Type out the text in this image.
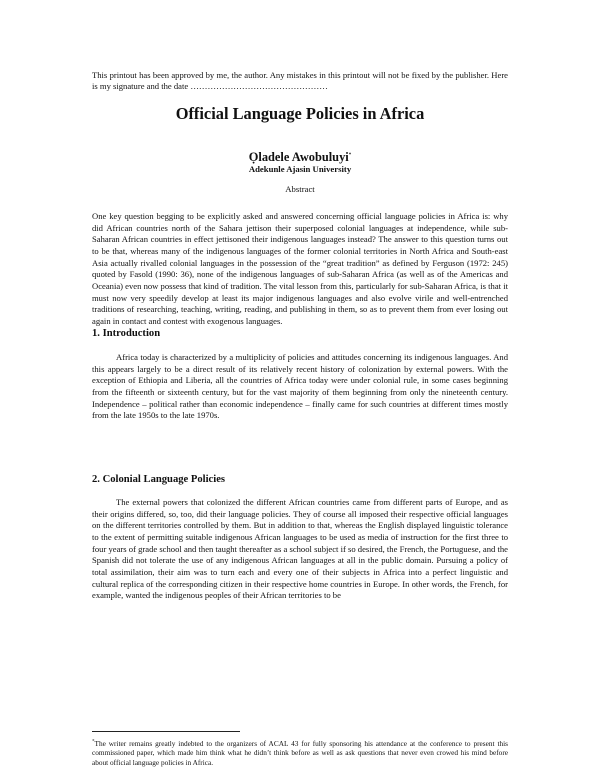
This printout has been approved by me, the author. Any mistakes in this printout will not be fixed by the publisher. Here is my signature and the date …………………………………………

Official Language Policies in Africa
Ọladele Awobuluyi*
Adekunle Ajasin University
Abstract

One key question begging to be explicitly asked and answered concerning official language policies in Africa is: why did African countries north of the Sahara jettison their superposed colonial languages at independence, while sub-Saharan African countries in effect jettisoned their indigenous languages instead? The answer to this question turns out to be that, whereas many of the indigenous languages of the former colonial territories in North Africa and South-east Asia actually rivalled colonial languages in the possession of the “great tradition” as defined by Ferguson (1972: 245) quoted by Fasold (1990: 36), none of the indigenous languages of sub-Saharan Africa (as well as of the Americas and Oceania) even now possess that kind of tradition. The vital lesson from this, particularly for sub-Saharan Africa, is that it must now very speedily develop at least its major indigenous languages and also evolve virile and well-entrenched traditions of researching, teaching, writing, reading, and publishing in them, so as to prevent them from ever losing out again in contact and contest with exogenous languages.

1. Introduction

Africa today is characterized by a multiplicity of policies and attitudes concerning its indigenous languages. And this appears largely to be a direct result of its relatively recent history of colonization by external powers. With the exception of Ethiopia and Liberia, all the countries of Africa today were under colonial rule, in some cases beginning from the fifteenth or sixteenth century, but for the vast majority of them beginning from only the nineteenth century. Independence – political rather than economic independence – finally came for such countries at different times mostly from the late 1950s to the late 1970s.

2. Colonial Language Policies

The external powers that colonized the different African countries came from different parts of Europe, and as their origins differed, so, too, did their language policies. They of course all imposed their respective official languages on the different territories controlled by them. But in addition to that, whereas the English displayed linguistic tolerance to the extent of permitting suitable indigenous African languages to be used as media of instruction for the first three to four years of grade school and then taught thereafter as a school subject if so desired, the French, the Portuguese, and the Spanish did not tolerate the use of any indigenous African languages at all in the public domain. Pursuing a policy of total assimilation, their aim was to turn each and every one of their subjects in Africa into a perfect linguistic and cultural replica of the corresponding citizen in their respective home countries in Europe. In other words, the French, for example, wanted the indigenous peoples of their African territories to be

*The writer remains greatly indebted to the organizers of ACAL 43 for fully sponsoring his attendance at the conference to present this commissioned paper, which made him think what he didn’t think before as well as ask questions that never even crowed his mind before about official language policies in Africa.
